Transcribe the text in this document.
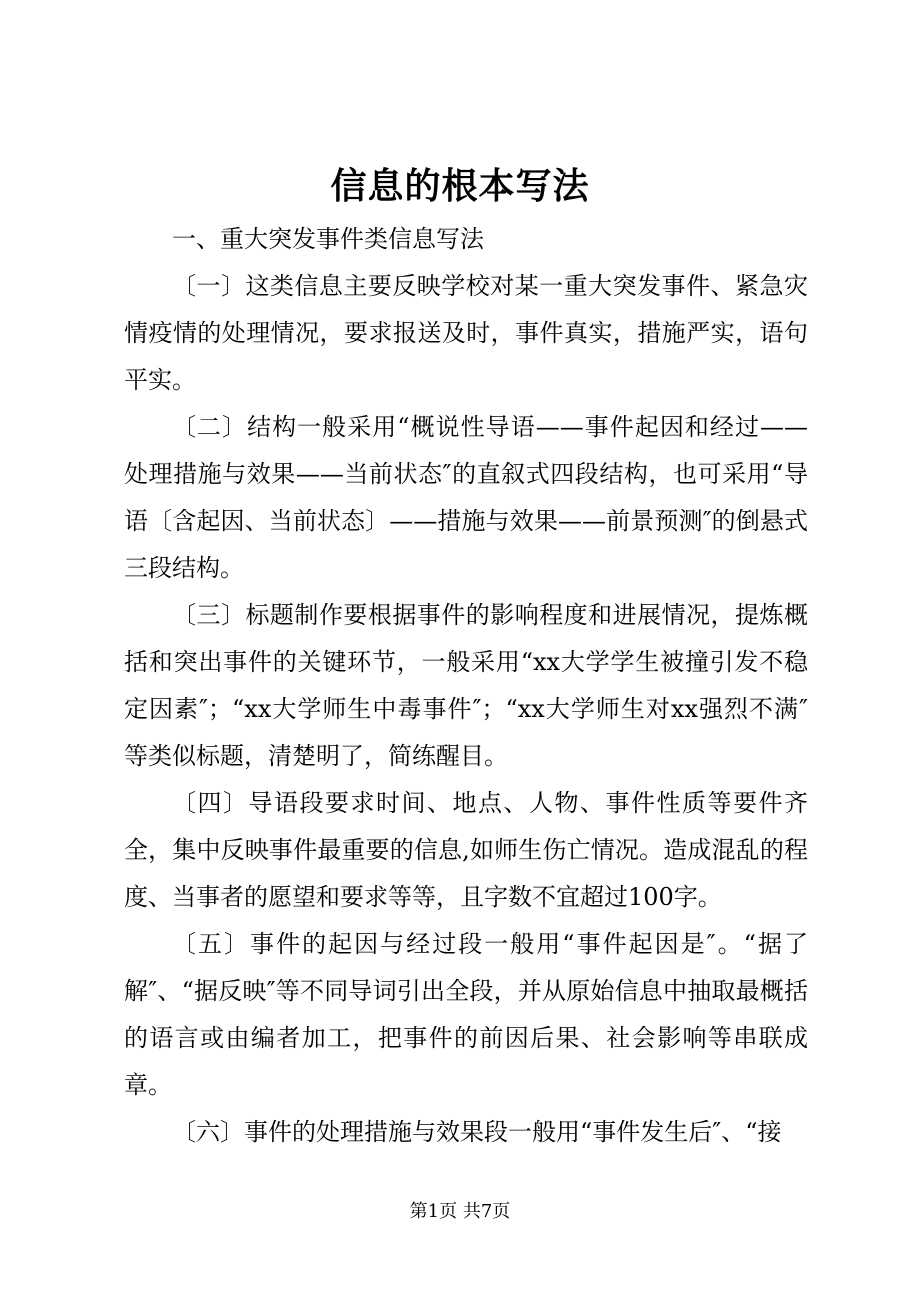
信息的根本写法

一、重大突发事件类信息写法

〔一〕这类信息主要反映学校对某一重大突发事件、紧急灾情疫情的处理情况，要求报送及时，事件真实，措施严实，语句平实。

〔二〕结构一般采用“概说性导语——事件起因和经过——处理措施与效果——当前状态″的直叙式四段结构，也可采用“导语〔含起因、当前状态〕——措施与效果——前景预测″的倒悬式三段结构。

〔三〕标题制作要根据事件的影响程度和进展情况，提炼概括和突出事件的关键环节，一般采用“xx大学学生被撞引发不稳定因素″；“xx大学师生中毒事件″；“xx大学师生对xx强烈不满″等类似标题，清楚明了，简练醒目。

〔四〕导语段要求时间、地点、人物、事件性质等要件齐全，集中反映事件最重要的信息,如师生伤亡情况。造成混乱的程度、当事者的愿望和要求等等，且字数不宜超过100字。

〔五〕事件的起因与经过段一般用“事件起因是″。“据了解″、“据反映″等不同导词引出全段，并从原始信息中抽取最概括的语言或由编者加工，把事件的前因后果、社会影响等串联成章。

〔六〕事件的处理措施与效果段一般用“事件发生后″、“接

第1页 共7页
